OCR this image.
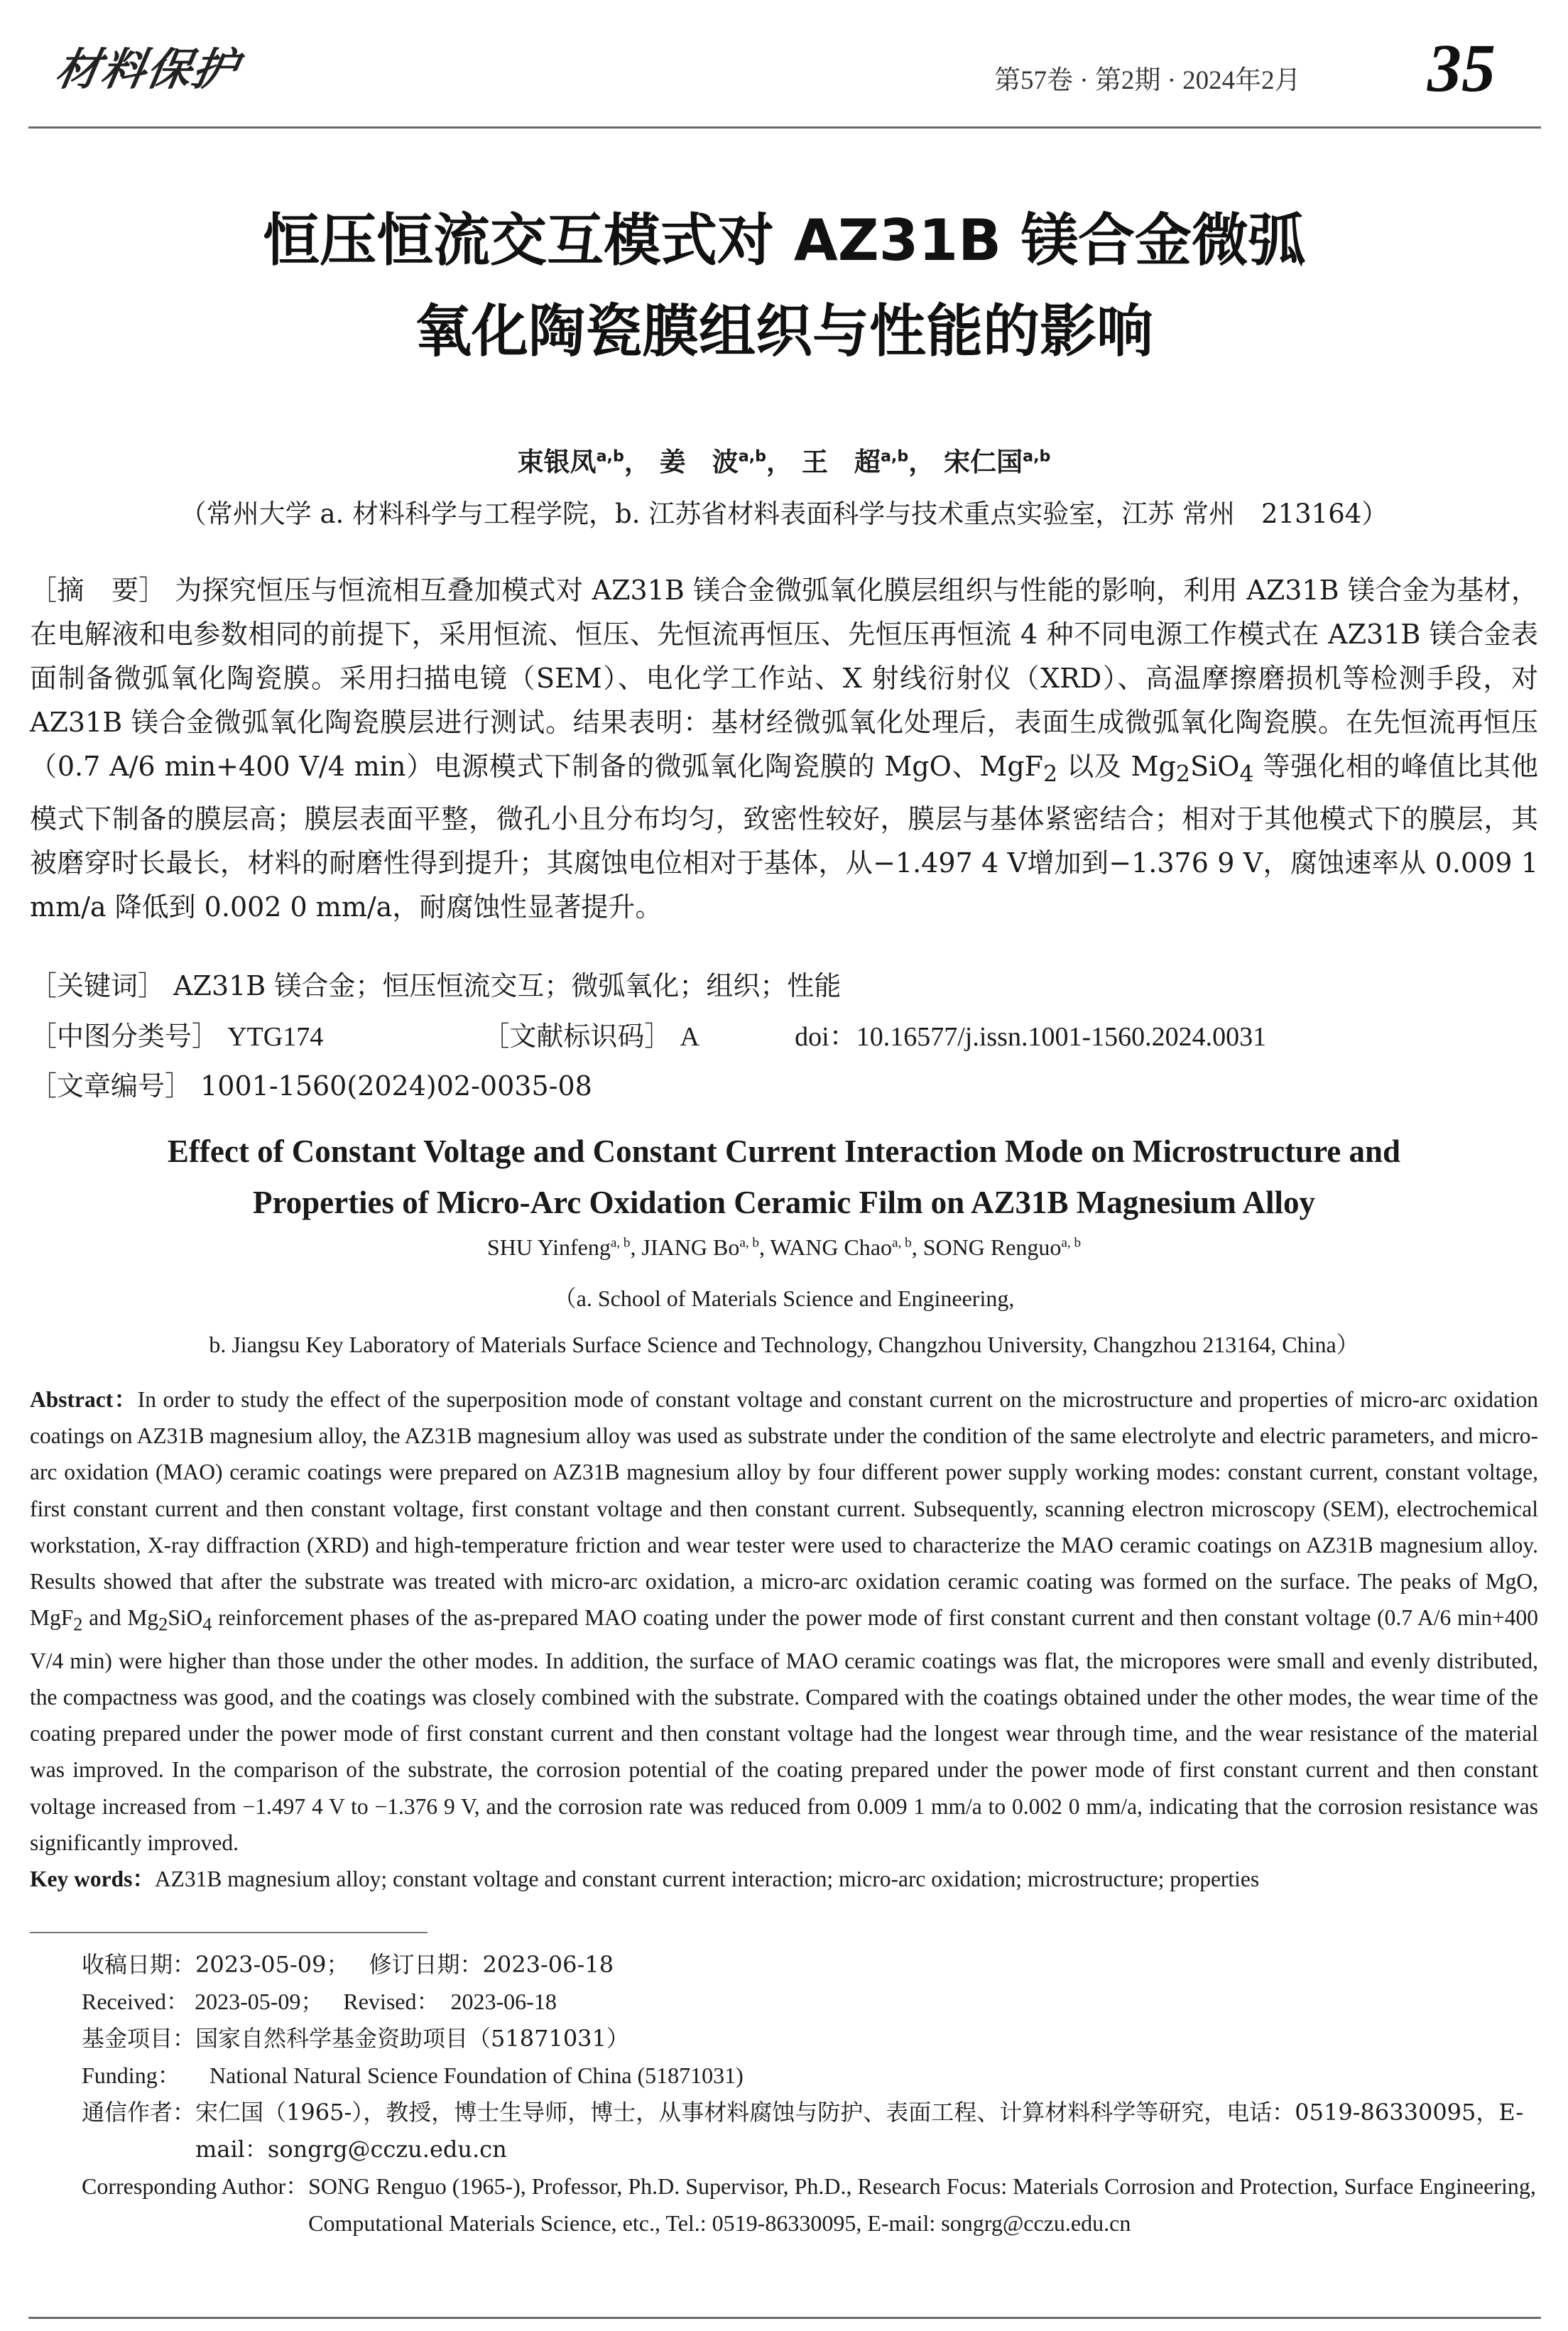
材料保护	第57卷 · 第2期 · 2024年2月 35
恒压恒流交互模式对 AZ31B 镁合金微弧
氧化陶瓷膜组织与性能的影响
束银凤$^{a,b}$， 姜　波$^{a,b}$， 王　超$^{a,b}$， 宋仁国$^{a,b}$
（常州大学 a. 材料科学与工程学院，b. 江苏省材料表面科学与技术重点实验室，江苏 常州　213164）
［摘　要］ 为探究恒压与恒流相互叠加模式对 AZ31B 镁合金微弧氧化膜层组织与性能的影响，利用 AZ31B 镁合金为基材，在电解液和电参数相同的前提下，采用恒流、恒压、先恒流再恒压、先恒压再恒流 4 种不同电源工作模式在 AZ31B 镁合金表面制备微弧氧化陶瓷膜。采用扫描电镜（SEM）、电化学工作站、X 射线衍射仪（XRD）、高温摩擦磨损机等检测手段，对 AZ31B 镁合金微弧氧化陶瓷膜层进行测试。结果表明：基材经微弧氧化处理后，表面生成微弧氧化陶瓷膜。在先恒流再恒压（0.7 A/6 min+400 V/4 min）电源模式下制备的微弧氧化陶瓷膜的 MgO、MgF$_2$ 以及 $Mg_2SiO_4$ 等强化相的峰值比其他模式下制备的膜层高；膜层表面平整，微孔小且分布均匀，致密性较好，膜层与基体紧密结合；相对于其他模式下的膜层，其被磨穿时长最长，材料的耐磨性得到提升；其腐蚀电位相对于基体，从−1.497 4 V增加到−1.376 9 V，腐蚀速率从 0.009 1 mm/a 降低到 0.002 0 mm/a，耐腐蚀性显著提升。
［关键词］ AZ31B 镁合金；恒压恒流交互；微弧氧化；组织；性能
［中图分类号］ YTG174	［文献标识码］ A	doi：10.16577/j.issn.1001-1560.2024.0031
［文章编号］ 1001-1560(2024)02-0035-08
Effect of Constant Voltage and Constant Current Interaction Mode on Microstructure and
Properties of Micro-Arc Oxidation Ceramic Film on AZ31B Magnesium Alloy
SHU Yinfeng$^{a, b}$, JIANG Bo$^{a, b}$, WANG Chao$^{a, b}$, SONG Renguo$^{a, b}$
（a. School of Materials Science and Engineering,
b. Jiangsu Key Laboratory of Materials Surface Science and Technology, Changzhou University, Changzhou 213164, China）
Abstract：In order to study the effect of the superposition mode of constant voltage and constant current on the microstructure and properties of micro-arc oxidation coatings on AZ31B magnesium alloy, the AZ31B magnesium alloy was used as substrate under the condition of the same electrolyte and electric parameters, and micro-arc oxidation (MAO) ceramic coatings were prepared on AZ31B magnesium alloy by four different power supply working modes: constant current, constant voltage, first constant current and then constant voltage, first constant voltage and then constant current. Subsequently, scanning electron microscopy (SEM), electrochemical workstation, X-ray diffraction (XRD) and high-temperature friction and wear tester were used to characterize the MAO ceramic coatings on AZ31B magnesium alloy. Results showed that after the substrate was treated with micro-arc oxidation, a micro-arc oxidation ceramic coating was formed on the surface. The peaks of MgO, MgF$_2$ and $Mg_2SiO_4$ reinforcement phases of the as-prepared MAO coating under the power mode of first constant current and then constant voltage (0.7 A/6 min+400 V/4 min) were higher than those under the other modes. In addition, the surface of MAO ceramic coatings was flat, the micropores were small and evenly distributed, the compactness was good, and the coatings was closely combined with the substrate. Compared with the coatings obtained under the other modes, the wear time of the coating prepared under the power mode of first constant current and then constant voltage had the longest wear through time, and the wear resistance of the material was improved. In the comparison of the substrate, the corrosion potential of the coating prepared under the power mode of first constant current and then constant voltage increased from −1.497 4 V to −1.376 9 V, and the corrosion rate was reduced from 0.009 1 mm/a to 0.002 0 mm/a, indicating that the corrosion resistance was significantly improved.
Key words：AZ31B magnesium alloy; constant voltage and constant current interaction; micro-arc oxidation; microstructure; properties
收稿日期： 2023-05-09； 修订日期： 2023-06-18
Received：
2023-05-09； Revised：
2023-06-18
基金项目： 国家自然科学基金资助项目（51871031）
Funding：	National Natural Science Foundation of China (51871031)
通信作者： 宋仁国（1965-），教授，博士生导师，博士，从事材料腐蚀与防护、表面工程、计算材料科学等研究，电话：0519-86330095，E-mail：songrg@cczu.edu.cn
Corresponding Author： SONG Renguo (1965-), Professor, Ph.D. Supervisor, Ph.D., Research Focus: Materials Corrosion and Protection, Surface Engineering, Computational Materials Science, etc., Tel.: 0519-86330095, E-mail: songrg@cczu.edu.cn
